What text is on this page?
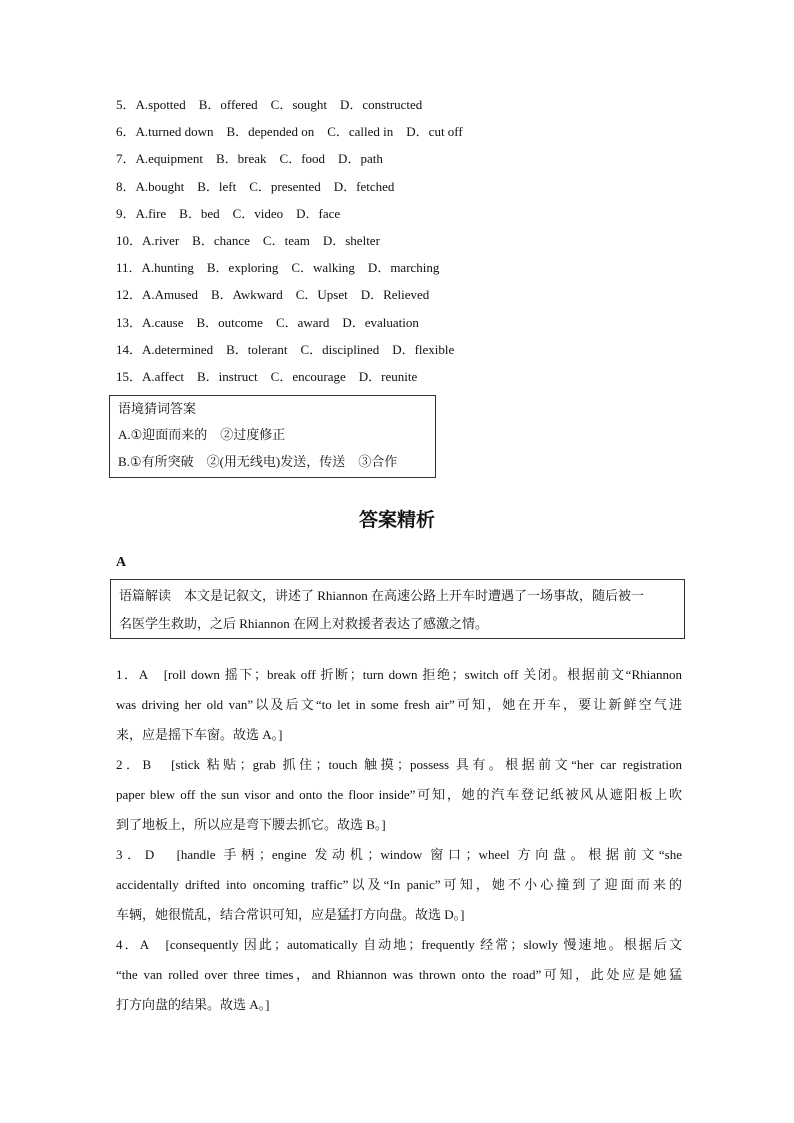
5．A.spotted　B．offered　C．sought　D．constructed
6．A.turned down　B．depended on　C．called in　D．cut off
7．A.equipment　B．break　C．food　D．path
8．A.bought　B．left　C．presented　D．fetched
9．A.fire　B．bed　C．video　D．face
10．A.river　B．chance　C．team　D．shelter
11．A.hunting　B．exploring　C．walking　D．marching
12．A.Amused　B．Awkward　C．Upset　D．Relieved
13．A.cause　B．outcome　C．award　D．evaluation
14．A.determined　B．tolerant　C．disciplined　D．flexible
15．A.affect　B．instruct　C．encourage　D．reunite
语境猜词答案
A.①迎面而来的　②过度修正
B.①有所突破　②(用无线电)发送，传送　③合作
答案精析
A
语篇解读　本文是记叙文，讲述了 Rhiannon 在高速公路上开车时遭遇了一场事故，随后被一
名医学生救助，之后 Rhiannon 在网上对救援者表达了感激之情。
1．A　[roll down 摇下；break off 折断；turn down 拒绝；switch off 关闭。根据前文“Rhiannon
was driving her old van”以及后文“to let in some fresh air”可知，她在开车，要让新鲜空气进
来，应是摇下车窗。故选 A。]
2．B　[stick 粘贴；grab 抓住；touch 触摸；possess 具有。根据前文“her car registration
paper blew off the sun visor and onto the floor inside”可知，她的汽车登记纸被风从遮阳板上吹
到了地板上，所以应是弯下腰去抓它。故选 B。]
3．D　[handle 手柄；engine 发动机；window 窗口；wheel 方向盘。根据前文“she
accidentally drifted into oncoming traffic”以及“In panic”可知，她不小心撞到了迎面而来的
车辆，她很慌乱，结合常识可知，应是猛打方向盘。故选 D。]
4．A　[consequently 因此；automatically 自动地；frequently 经常；slowly 慢速地。根据后文
“the van rolled over three times，and Rhiannon was thrown onto the road”可知，此处应是她猛
打方向盘的结果。故选 A。]
